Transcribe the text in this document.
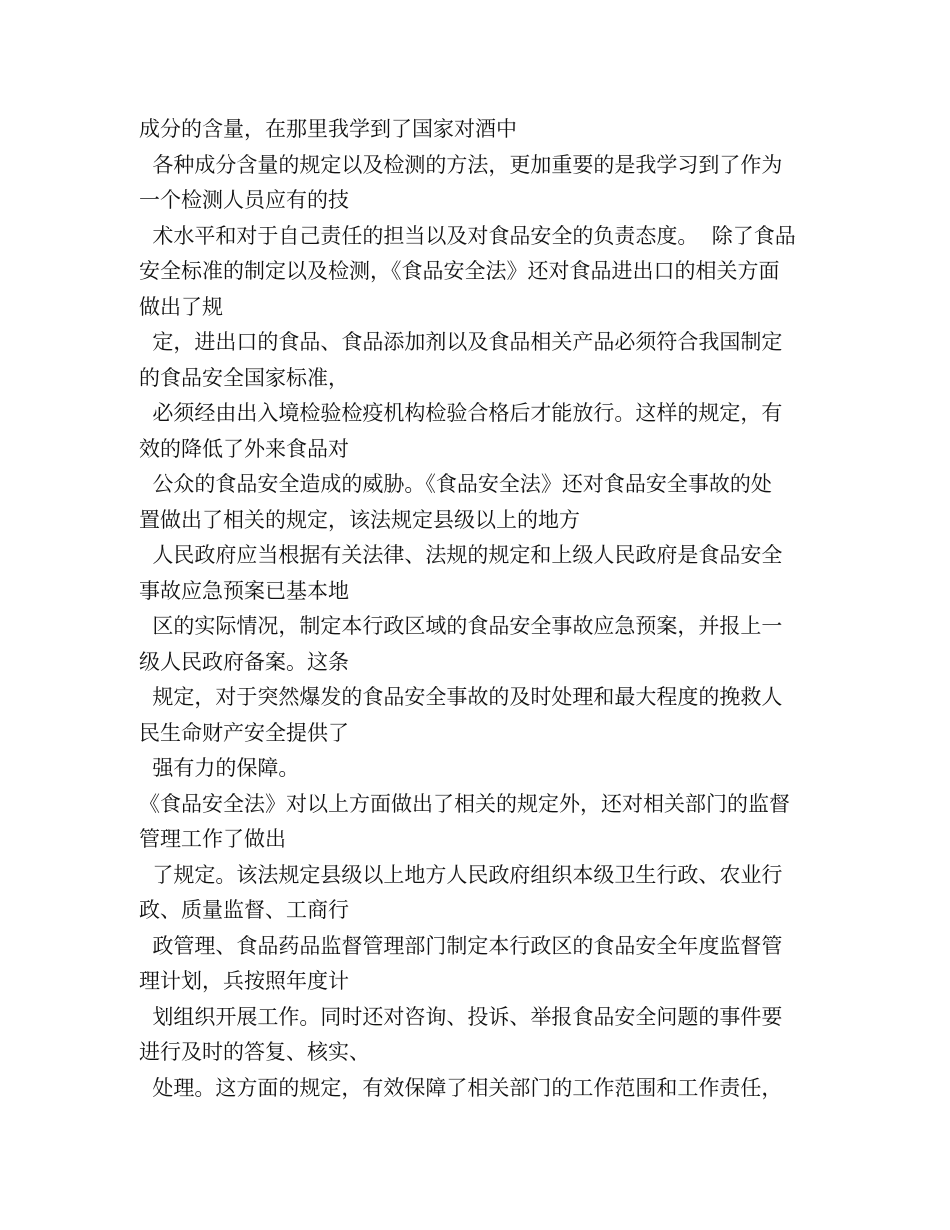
成分的含量，在那里我学到了国家对酒中
各种成分含量的规定以及检测的方法，更加重要的是我学习到了作为
一个检测人员应有的技
术水平和对于自己责任的担当以及对食品安全的负责态度。  除了食品
安全标准的制定以及检测，《食品安全法》还对食品进出口的相关方面
做出了规
定，进出口的食品、食品添加剂以及食品相关产品必须符合我国制定
的食品安全国家标准，
必须经由出入境检验检疫机构检验合格后才能放行。这样的规定，有
效的降低了外来食品对
公众的食品安全造成的威胁。《食品安全法》还对食品安全事故的处
置做出了相关的规定，该法规定县级以上的地方
人民政府应当根据有关法律、法规的规定和上级人民政府是食品安全
事故应急预案已基本地
区的实际情况，制定本行政区域的食品安全事故应急预案，并报上一
级人民政府备案。这条
规定，对于突然爆发的食品安全事故的及时处理和最大程度的挽救人
民生命财产安全提供了
强有力的保障。
《食品安全法》对以上方面做出了相关的规定外，还对相关部门的监督
管理工作了做出
了规定。该法规定县级以上地方人民政府组织本级卫生行政、农业行
政、质量监督、工商行
政管理、食品药品监督管理部门制定本行政区的食品安全年度监督管
理计划，兵按照年度计
划组织开展工作。同时还对咨询、投诉、举报食品安全问题的事件要
进行及时的答复、核实、
处理。这方面的规定，有效保障了相关部门的工作范围和工作责任，
